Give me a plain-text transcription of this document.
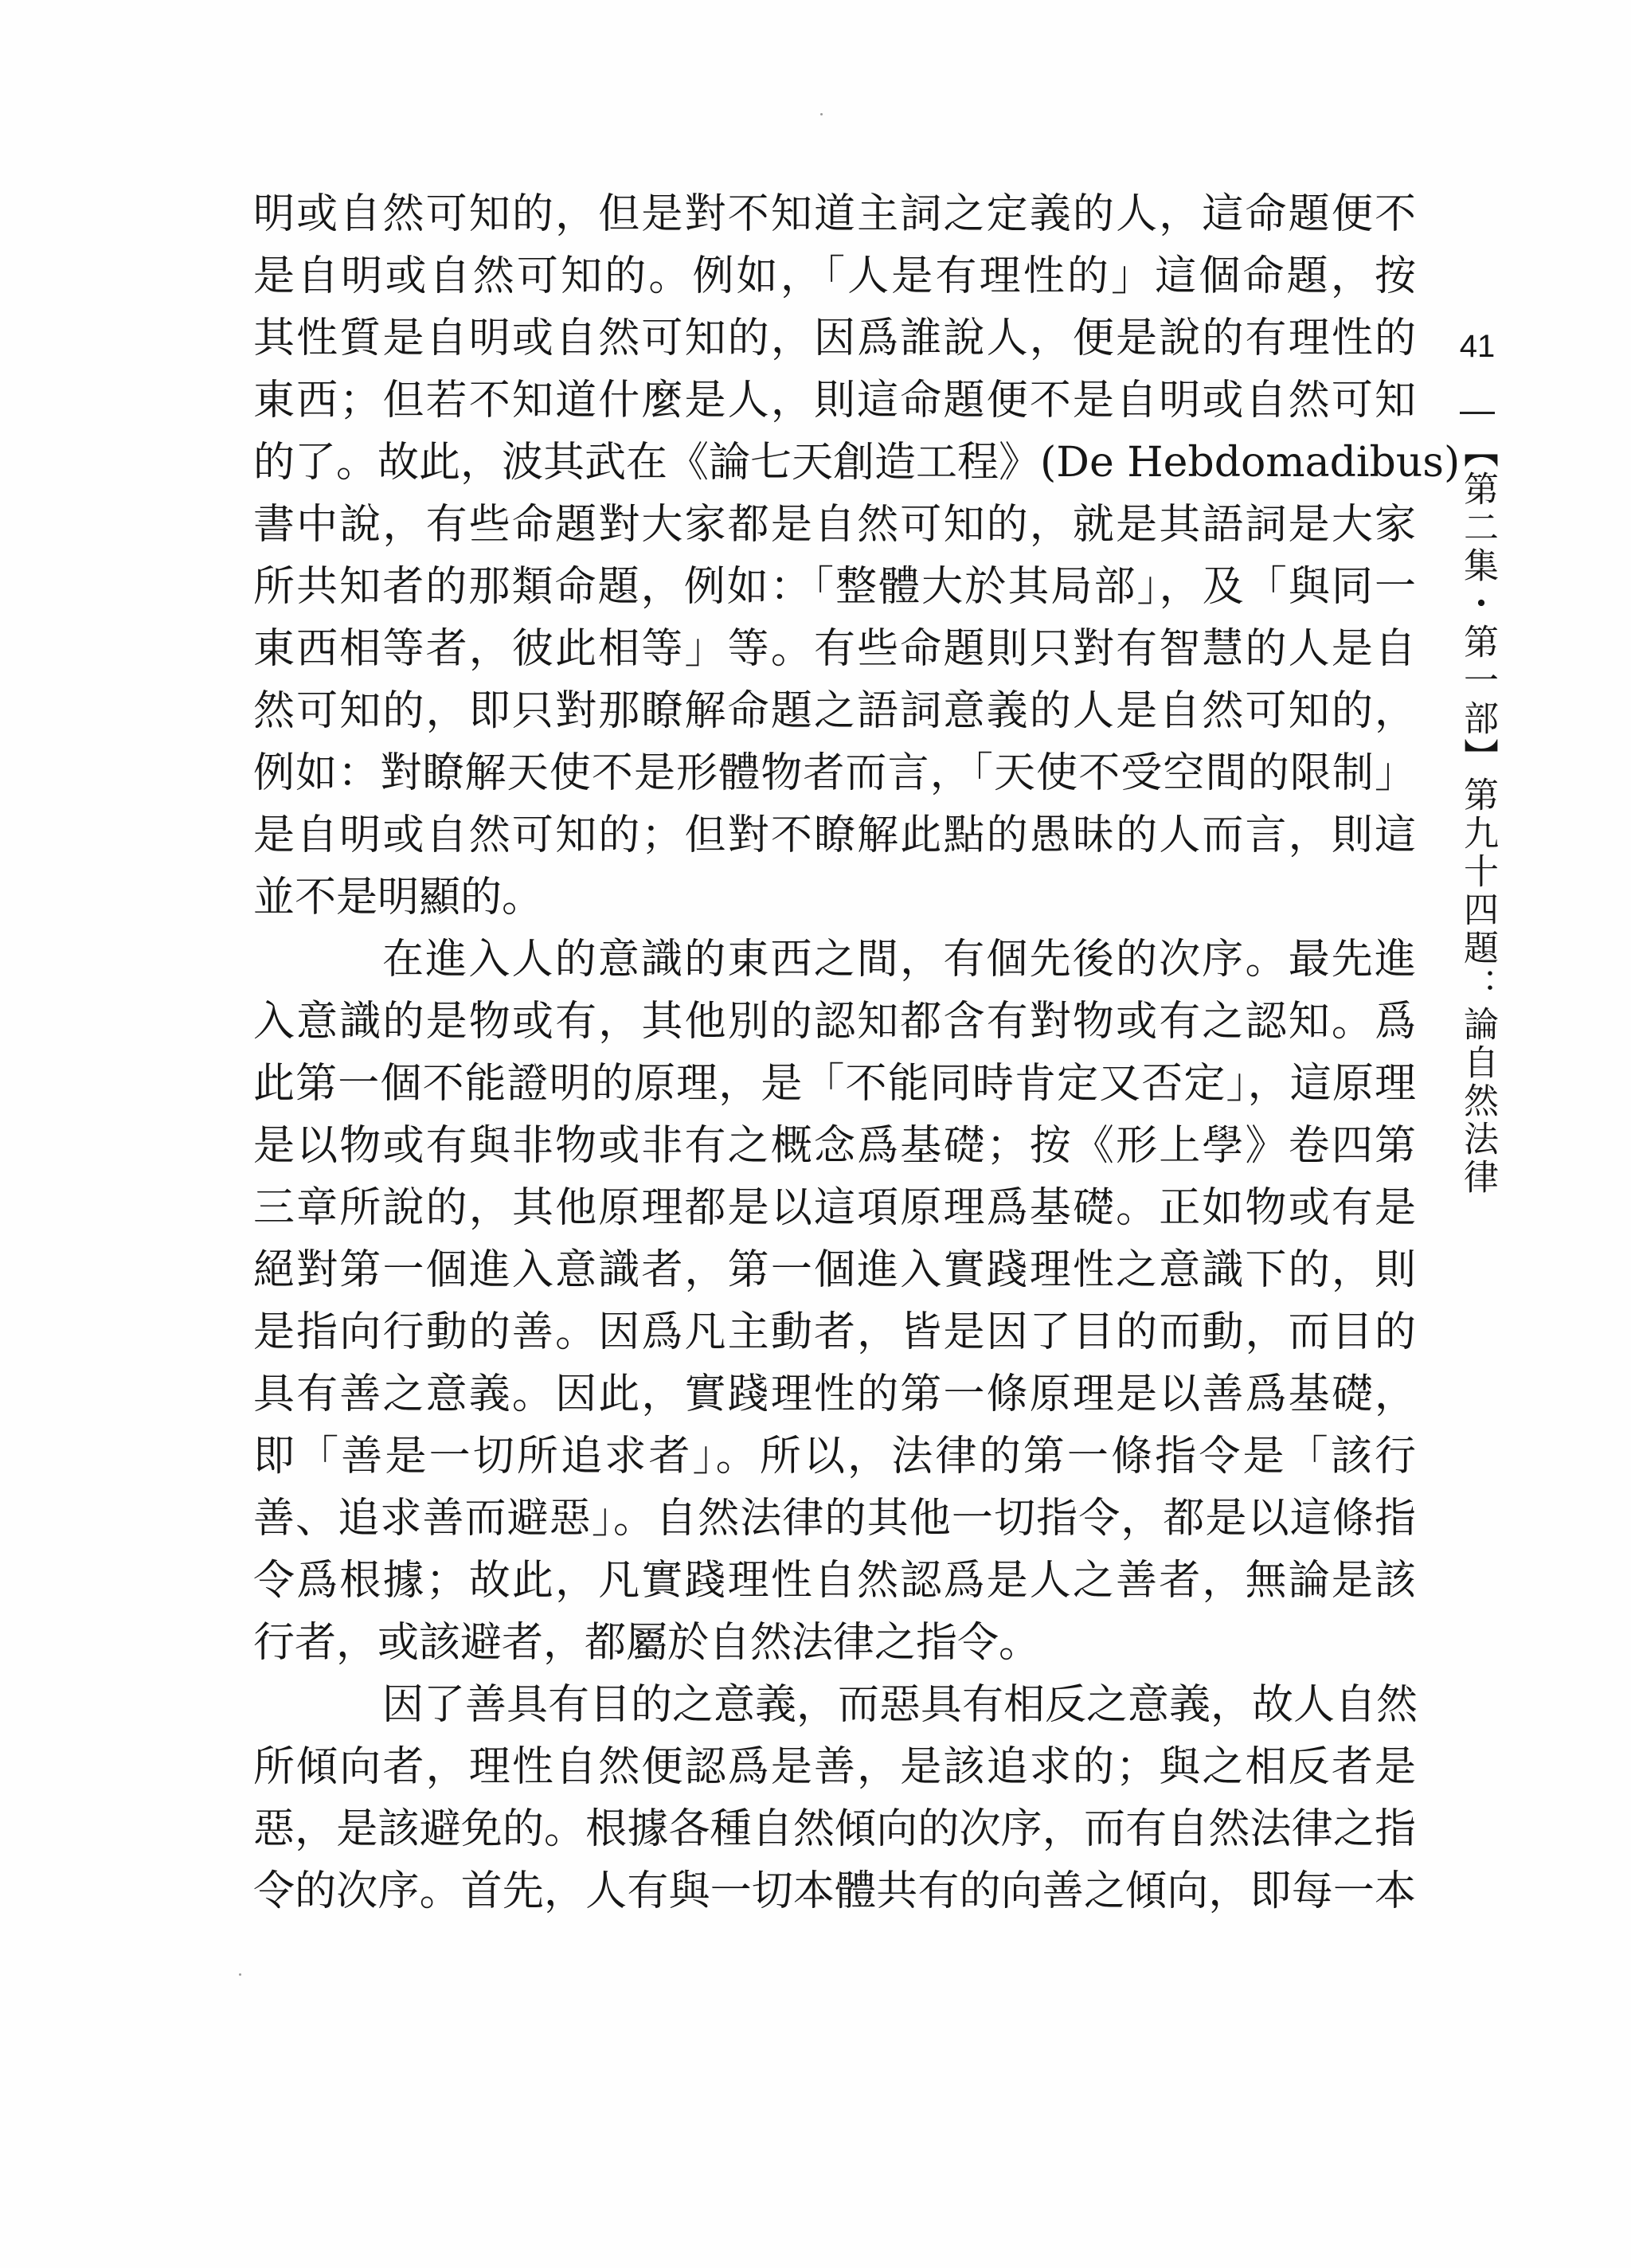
明或自然可知的，但是對不知道主詞之定義的人，這命題便不
是自明或自然可知的。例如，「人是有理性的」這個命題，按
其性質是自明或自然可知的，因爲誰說人，便是說的有理性的
東西；但若不知道什麼是人，則這命題便不是自明或自然可知
的了。故此，波其武在《論七天創造工程》(De Hebdomadibus)
書中說，有些命題對大家都是自然可知的，就是其語詞是大家
所共知者的那類命題，例如：「整體大於其局部」，及「與同一
東西相等者，彼此相等」等。有些命題則只對有智慧的人是自
然可知的，即只對那瞭解命題之語詞意義的人是自然可知的，
例如：對瞭解天使不是形體物者而言，「天使不受空間的限制」
是自明或自然可知的；但對不瞭解此點的愚昧的人而言，則這
並不是明顯的。
在進入人的意識的東西之間，有個先後的次序。最先進
入意識的是物或有，其他別的認知都含有對物或有之認知。爲
此第一個不能證明的原理，是「不能同時肯定又否定」，這原理
是以物或有與非物或非有之概念爲基礎；按《形上學》卷四第
三章所說的，其他原理都是以這項原理爲基礎。正如物或有是
絕對第一個進入意識者，第一個進入實踐理性之意識下的，則
是指向行動的善。因爲凡主動者，皆是因了目的而動，而目的
具有善之意義。因此，實踐理性的第一條原理是以善爲基礎，
即「善是一切所追求者」。所以，法律的第一條指令是「該行
善、追求善而避惡」。自然法律的其他一切指令，都是以這條指
令爲根據；故此，凡實踐理性自然認爲是人之善者，無論是該
行者，或該避者，都屬於自然法律之指令。
因了善具有目的之意義，而惡具有相反之意義，故人自然
所傾向者，理性自然便認爲是善，是該追求的；與之相反者是
惡，是該避免的。根據各種自然傾向的次序，而有自然法律之指
令的次序。首先，人有與一切本體共有的向善之傾向，即每一本
41
【第二集・第一部】第九十四題：論自然法律
